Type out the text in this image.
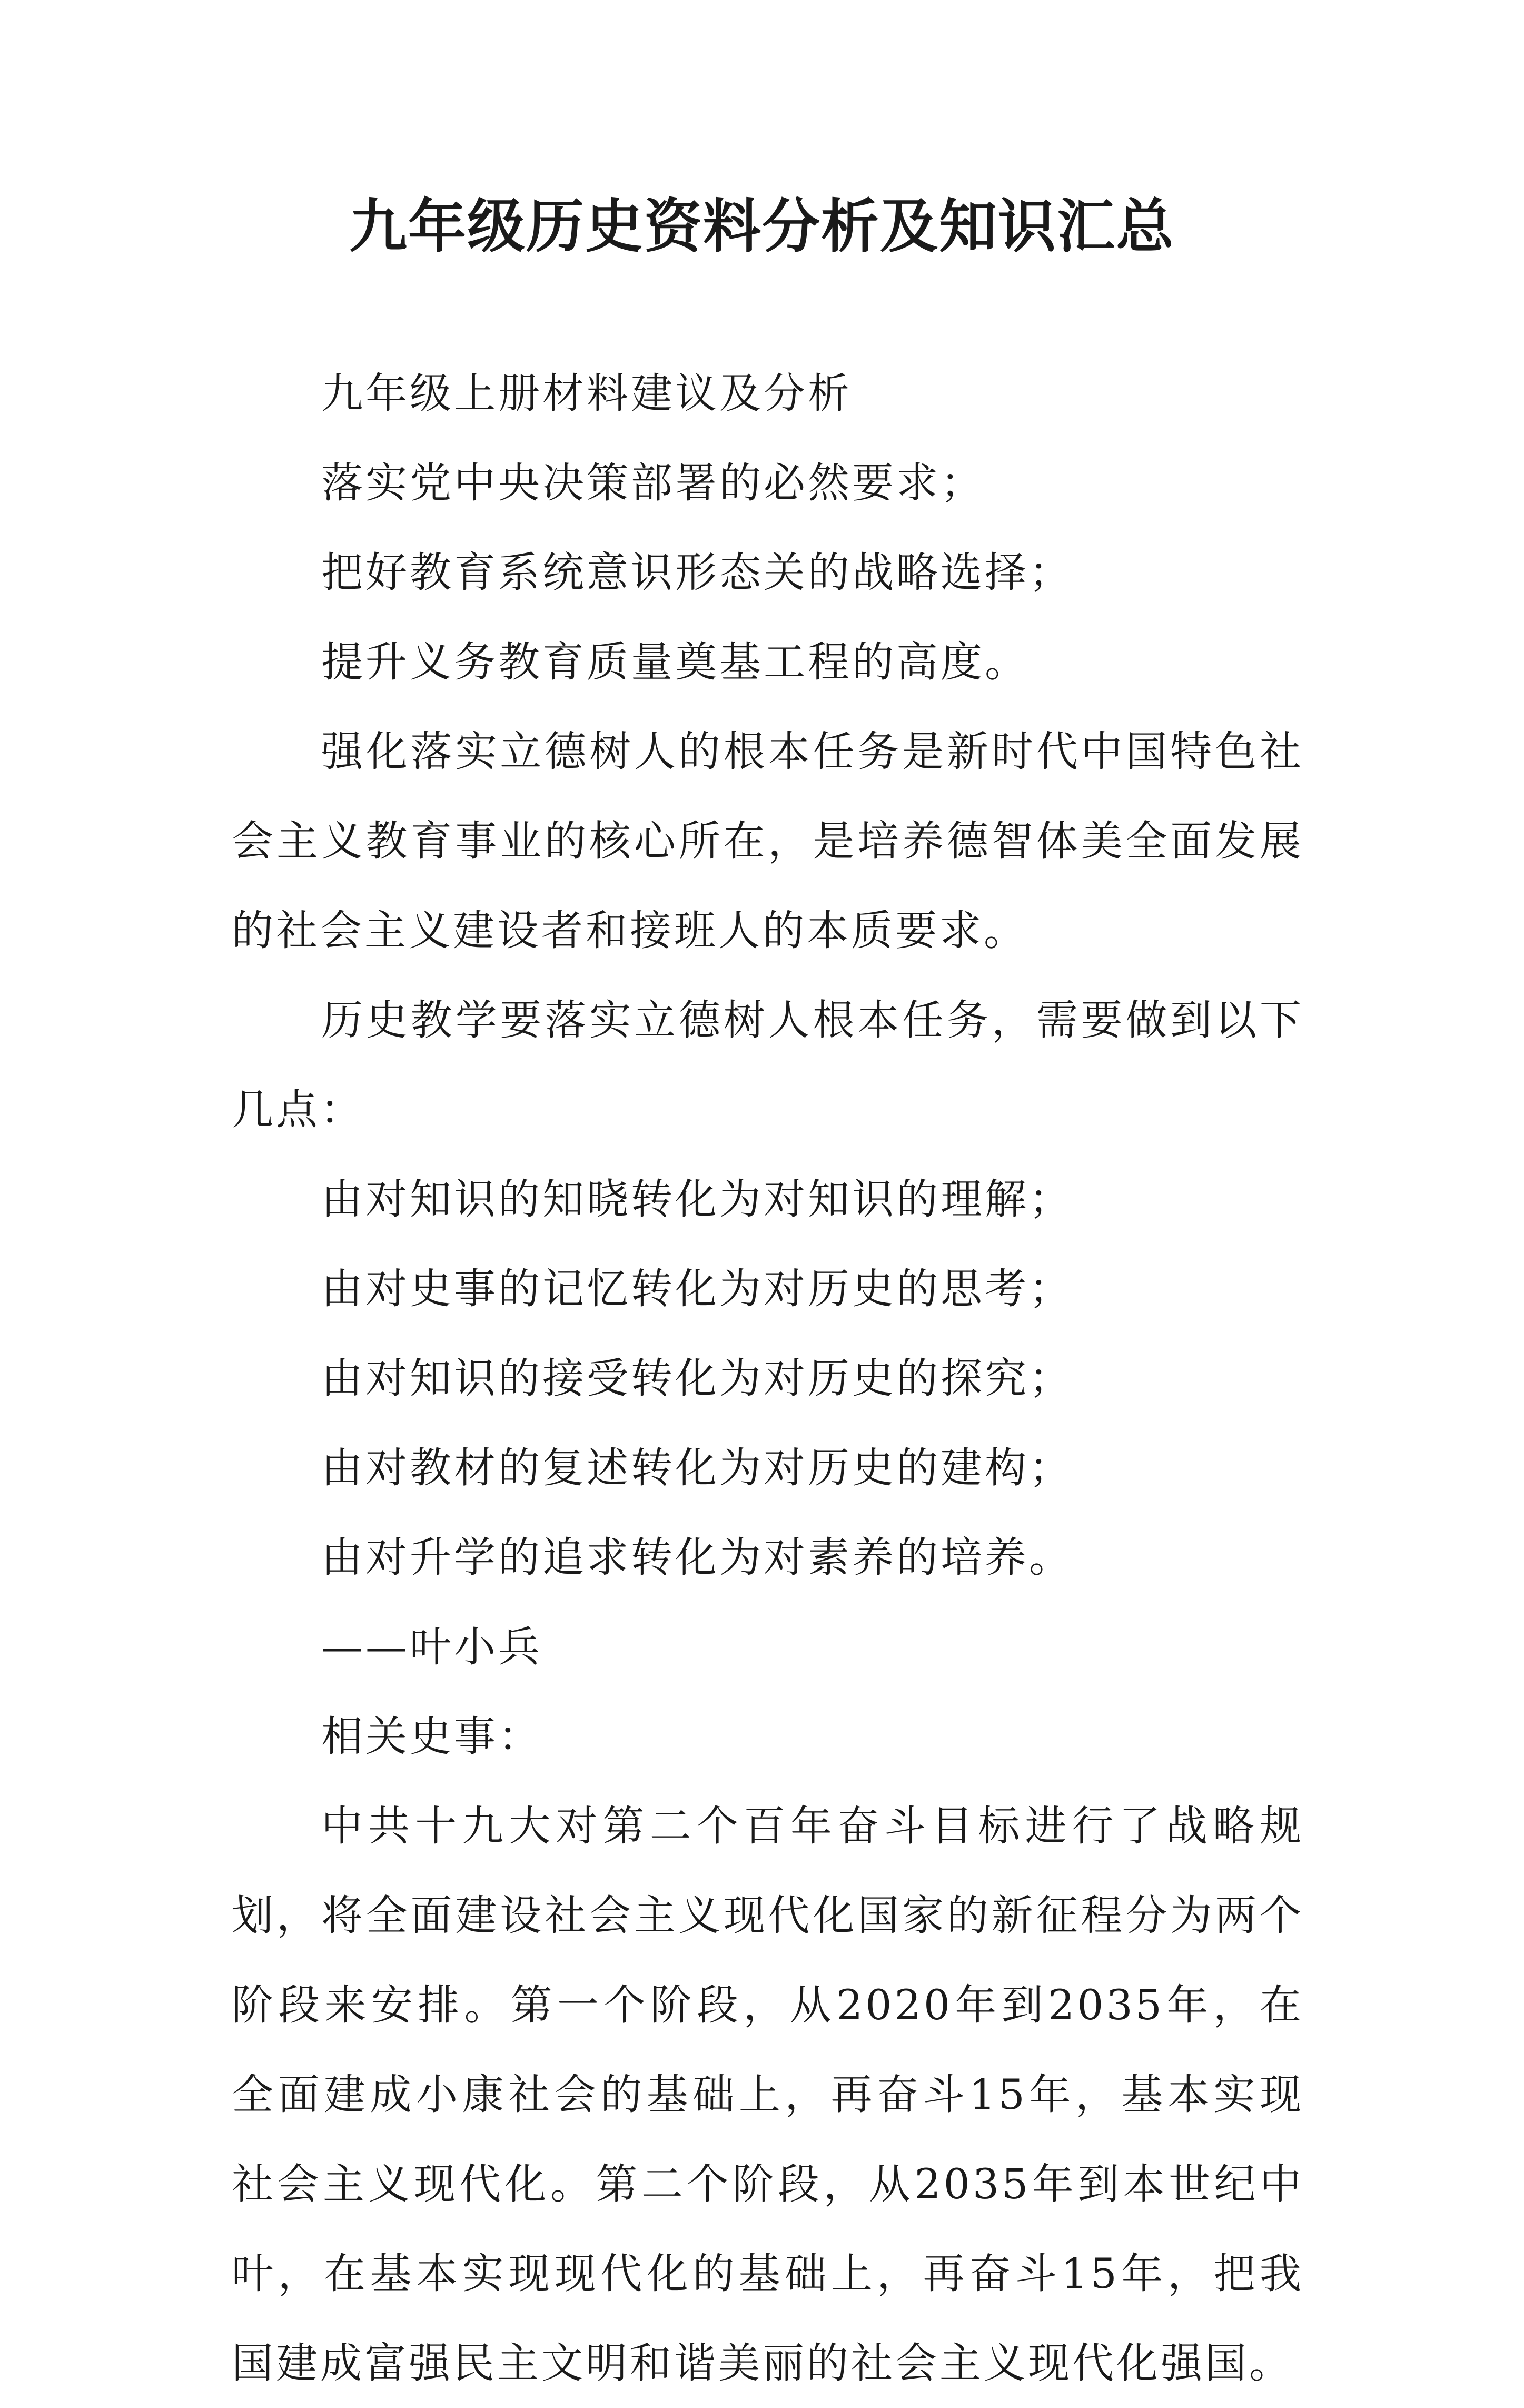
九年级历史资料分析及知识汇总

九年级上册材料建议及分析

落实党中央决策部署的必然要求；

把好教育系统意识形态关的战略选择；

提升义务教育质量奠基工程的高度。

强化落实立德树人的根本任务是新时代中国特色社会主义教育事业的核心所在，是培养德智体美全面发展的社会主义建设者和接班人的本质要求。

历史教学要落实立德树人根本任务，需要做到以下几点：

由对知识的知晓转化为对知识的理解；

由对史事的记忆转化为对历史的思考；

由对知识的接受转化为对历史的探究；

由对教材的复述转化为对历史的建构；

由对升学的追求转化为对素养的培养。

——叶小兵

相关史事：

中共十九大对第二个百年奋斗目标进行了战略规划，将全面建设社会主义现代化国家的新征程分为两个阶段来安排。第一个阶段，从2020年到2035年，在全面建成小康社会的基础上，再奋斗15年，基本实现社会主义现代化。第二个阶段，从2035年到本世纪中叶，在基本实现现代化的基础上，再奋斗15年，把我国建成富强民主文明和谐美丽的社会主义现代化强国。
